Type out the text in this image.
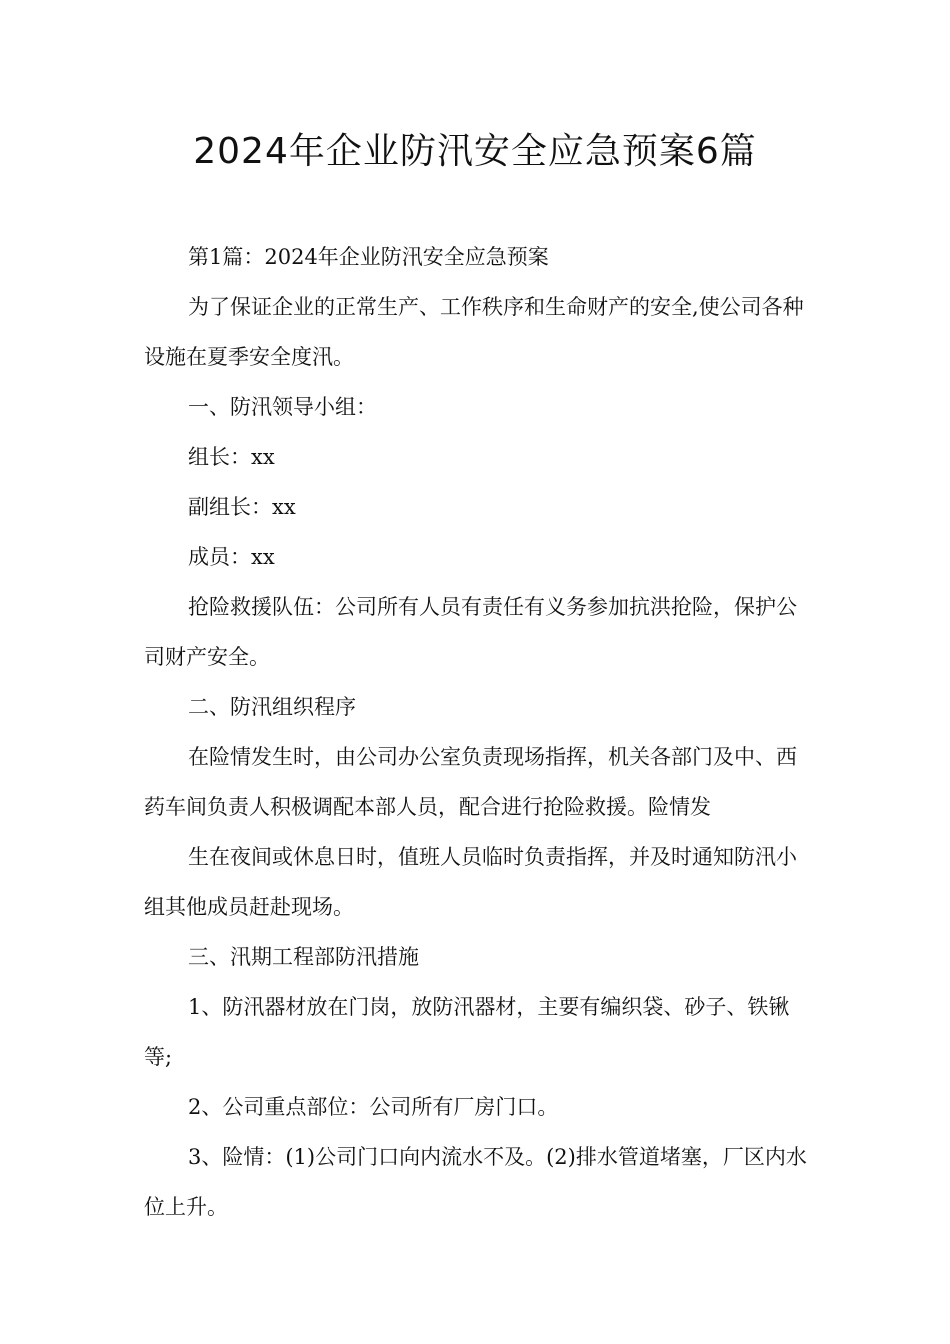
2024年企业防汛安全应急预案6篇

第1篇：2024年企业防汛安全应急预案

为了保证企业的正常生产、工作秩序和生命财产的安全,使公司各种设施在夏季安全度汛。

一、防汛领导小组：

组长：xx

副组长：xx

成员：xx

抢险救援队伍：公司所有人员有责任有义务参加抗洪抢险，保护公司财产安全。

二、防汛组织程序

在险情发生时，由公司办公室负责现场指挥，机关各部门及中、西药车间负责人积极调配本部人员，配合进行抢险救援。险情发

生在夜间或休息日时，值班人员临时负责指挥，并及时通知防汛小组其他成员赶赴现场。

三、汛期工程部防汛措施

1、防汛器材放在门岗，放防汛器材，主要有编织袋、砂子、铁锹等;

2、公司重点部位：公司所有厂房门口。

3、险情：(1)公司门口向内流水不及。(2)排水管道堵塞，厂区内水位上升。
